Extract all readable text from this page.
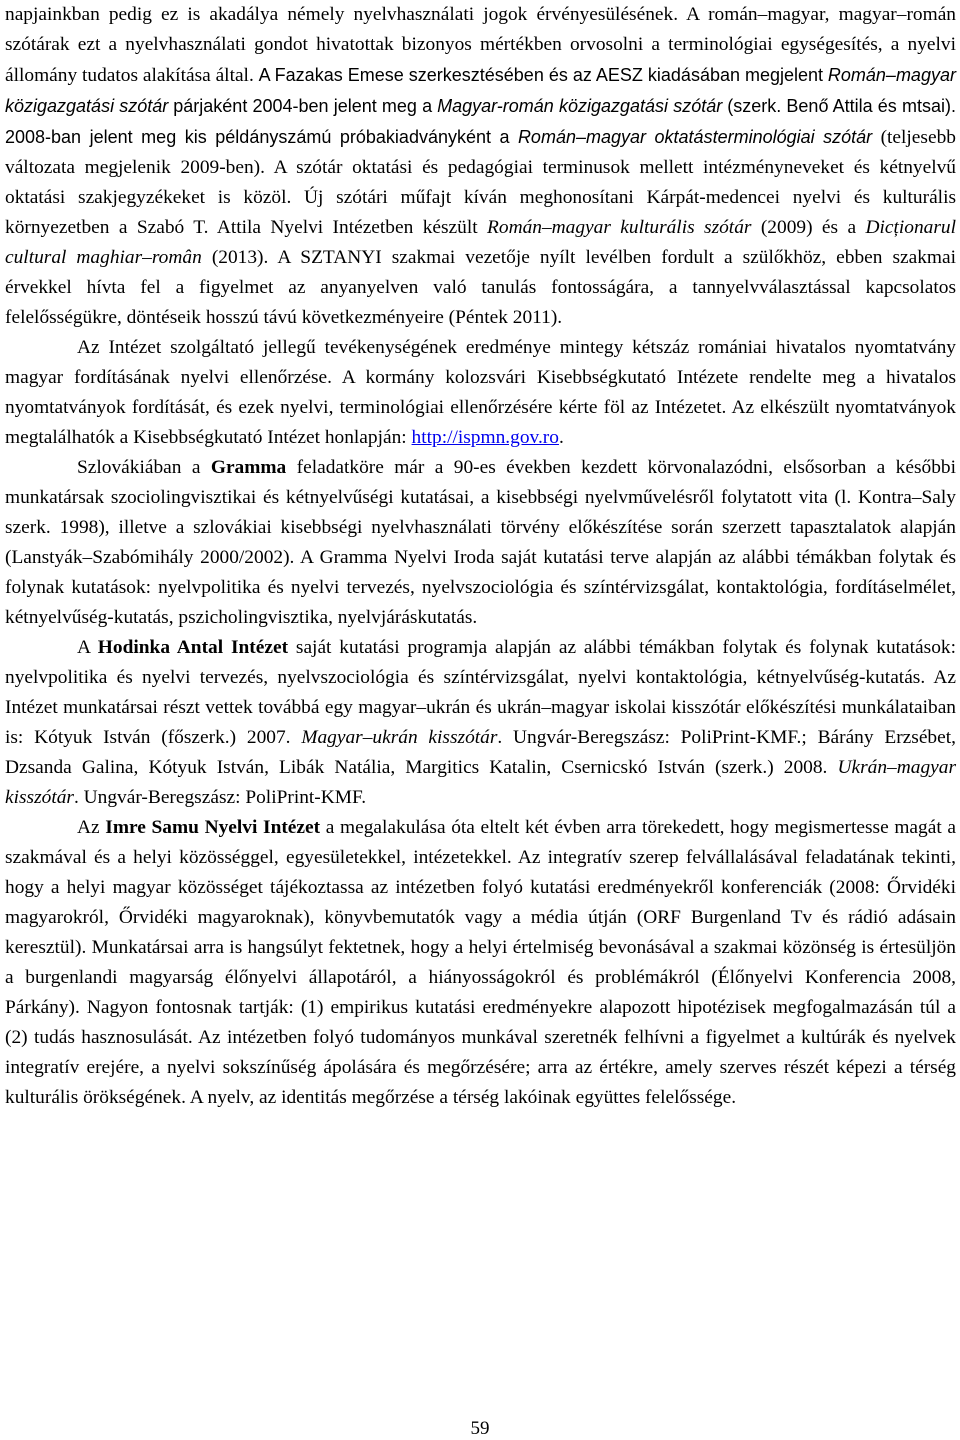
napjainkban pedig ez is akadálya némely nyelvhasználati jogok érvényesülésének. A román–magyar, magyar–román szótárak ezt a nyelvhasználati gondot hivatottak bizonyos mértékben orvosolni a terminológiai egységesítés, a nyelvi állomány tudatos alakítása által. A Fazakas Emese szerkesztésében és az AESZ kiadásában megjelent Román–magyar közigazgatási szótár párjaként 2004-ben jelent meg a Magyar-román közigazgatási szótár (szerk. Benő Attila és mtsai). 2008-ban jelent meg kis példányszámú próbakiadványként a Román–magyar oktatásterminológiai szótár (teljesebb változata megjelenik 2009-ben). A szótár oktatási és pedagógiai terminusok mellett intézményneveket és kétnyelvű oktatási szakjegyzékeket is közöl. Új szótári műfajt kíván meghonosítani Kárpát-medencei nyelvi és kulturális környezetben a Szabó T. Attila Nyelvi Intézetben készült Román–magyar kulturális szótár (2009) és a Dicționarul cultural maghiar–român (2013). A SZTANYI szakmai vezetője nyílt levélben fordult a szülőkhöz, ebben szakmai érvekkel hívta fel a figyelmet az anyanyelven való tanulás fontosságára, a tannyelvválasztással kapcsolatos felelősségükre, döntéseik hosszú távú következményeire (Péntek 2011).

Az Intézet szolgáltató jellegű tevékenységének eredménye mintegy kétszáz romániai hivatalos nyomtatvány magyar fordításának nyelvi ellenőrzése. A kormány kolozsvári Kisebbségkutató Intézete rendelte meg a hivatalos nyomtatványok fordítását, és ezek nyelvi, terminológiai ellenőrzésére kérte föl az Intézetet. Az elkészült nyomtatványok megtalálhatók a Kisebbségkutató Intézet honlapján: http://ispmn.gov.ro.

Szlovákiában a Gramma feladatköre már a 90-es években kezdett körvonalazódni, elsősorban a későbbi munkatársak szociolingvisztikai és kétnyelvűségi kutatásai, a kisebbségi nyelvművelésről folytatott vita (l. Kontra–Saly szerk. 1998), illetve a szlovákiai kisebbségi nyelvhasználati törvény előkészítése során szerzett tapasztalatok alapján (Lanstyák–Szabómihály 2000/2002). A Gramma Nyelvi Iroda saját kutatási terve alapján az alábbi témákban folytak és folynak kutatások: nyelvpolitika és nyelvi tervezés, nyelvszociológia és színtérvizsgálat, kontaktológia, fordításelmélet, kétnyelvűség-kutatás, pszicholingvisztika, nyelvjáráskutatás.

A Hodinka Antal Intézet saját kutatási programja alapján az alábbi témákban folytak és folynak kutatások: nyelvpolitika és nyelvi tervezés, nyelvszociológia és színtérvizsgálat, nyelvi kontaktológia, kétnyelvűség-kutatás. Az Intézet munkatársai részt vettek továbbá egy magyar–ukrán és ukrán–magyar iskolai kisszótár előkészítési munkálataiban is: Kótyuk István (főszerk.) 2007. Magyar–ukrán kisszótár. Ungvár-Beregszász: PoliPrint-KMF.; Bárány Erzsébet, Dzsanda Galina, Kótyuk István, Libák Natália, Margitics Katalin, Csernicskó István (szerk.) 2008. Ukrán–magyar kisszótár. Ungvár-Beregszász: PoliPrint-KMF.

Az Imre Samu Nyelvi Intézet a megalakulása óta eltelt két évben arra törekedett, hogy megismertesse magát a szakmával és a helyi közösséggel, egyesületekkel, intézetekkel. Az integratív szerep felvállalásával feladatának tekinti, hogy a helyi magyar közösséget tájékoztassa az intézetben folyó kutatási eredményekről konferenciák (2008: Őrvidéki magyarokról, Őrvidéki magyaroknak), könyvbemutatók vagy a média útján (ORF Burgenland Tv és rádió adásain keresztül). Munkatársai arra is hangsúlyt fektetnek, hogy a helyi értelmiség bevonásával a szakmai közönség is értesüljön a burgenlandi magyarság élőnyelvi állapotáról, a hiányosságokról és problémákról (Élőnyelvi Konferencia 2008, Párkány). Nagyon fontosnak tartják: (1) empirikus kutatási eredményekre alapozott hipotézisek megfogalmazásán túl a (2) tudás hasznosulását. Az intézetben folyó tudományos munkával szeretnék felhívni a figyelmet a kultúrák és nyelvek integratív erejére, a nyelvi sokszínűség ápolására és megőrzésére; arra az értékre, amely szerves részét képezi a térség kulturális örökségének. A nyelv, az identitás megőrzése a térség lakóinak együttes felelőssége.

59
